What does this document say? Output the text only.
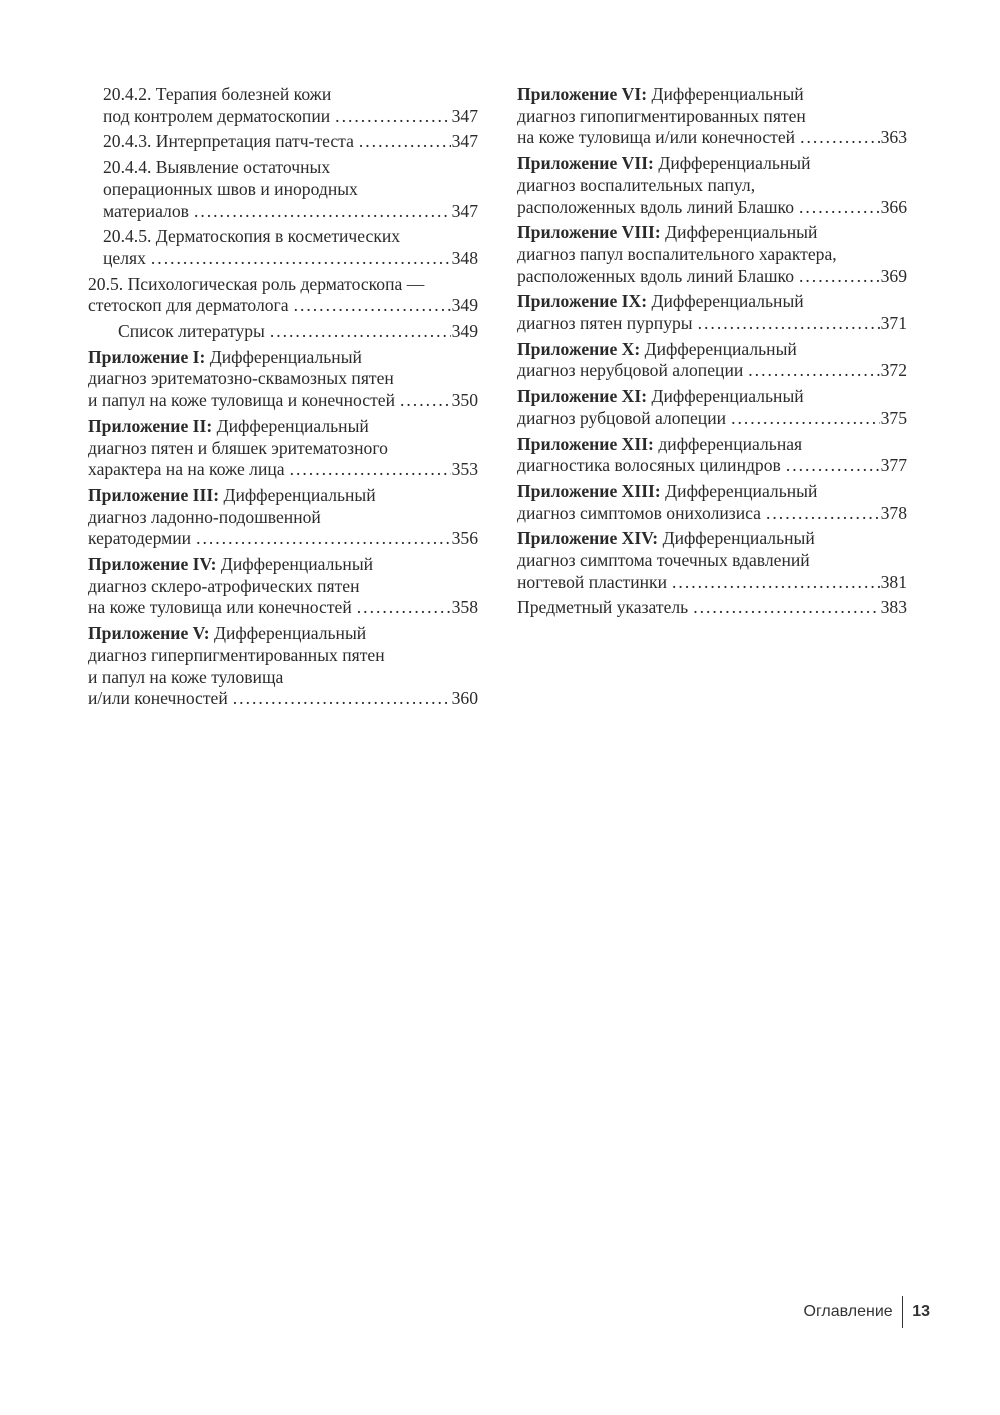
20.4.2. Терапия болезней кожи
под контролем дерматоскопии . . .	347
20.4.3. Интерпретация патч-теста . . .	347
20.4.4. Выявление остаточных
операционных швов и инородных
материалов . . .	347
20.4.5. Дерматоскопия в косметических
целях . . .	348
20.5. Психологическая роль дерматоскопа —
стетоскоп для дерматолога . . .	349
Список литературы . . .	349
Приложение I: Дифференциальный
диагноз эритематозно-сквамозных пятен
и папул на коже туловища и конечностей . . .	350
Приложение II: Дифференциальный
диагноз пятен и бляшек эритематозного
характера на на коже лица . . .	353
Приложение III: Дифференциальный
диагноз ладонно-подошвенной
кератодермии . . .	356
Приложение IV: Дифференциальный
диагноз склеро-атрофических пятен
на коже туловища или конечностей . . .	358
Приложение V: Дифференциальный
диагноз гиперпигментированных пятен
и папул на коже туловища
и/или конечностей . . .	360
Приложение VI: Дифференциальный
диагноз гипопигментированных пятен
на коже туловища и/или конечностей . . .	363
Приложение VII: Дифференциальный
диагноз воспалительных папул,
расположенных вдоль линий Блашко . . .	366
Приложение VIII: Дифференциальный
диагноз папул воспалительного характера,
расположенных вдоль линий Блашко . . .	369
Приложение IX: Дифференциальный
диагноз пятен пурпуры . . .	371
Приложение X: Дифференциальный
диагноз нерубцовой алопеции . . .	372
Приложение XI: Дифференциальный
диагноз рубцовой алопеции . . .	375
Приложение XII: дифференциальная
диагностика волосяных цилиндров . . .	377
Приложение XIII: Дифференциальный
диагноз симптомов онихолизиса . . .	378
Приложение XIV: Дифференциальный
диагноз симптома точечных вдавлений
ногтевой пластинки . . .	381
Предметный указатель . . .	383
Оглавление	13
